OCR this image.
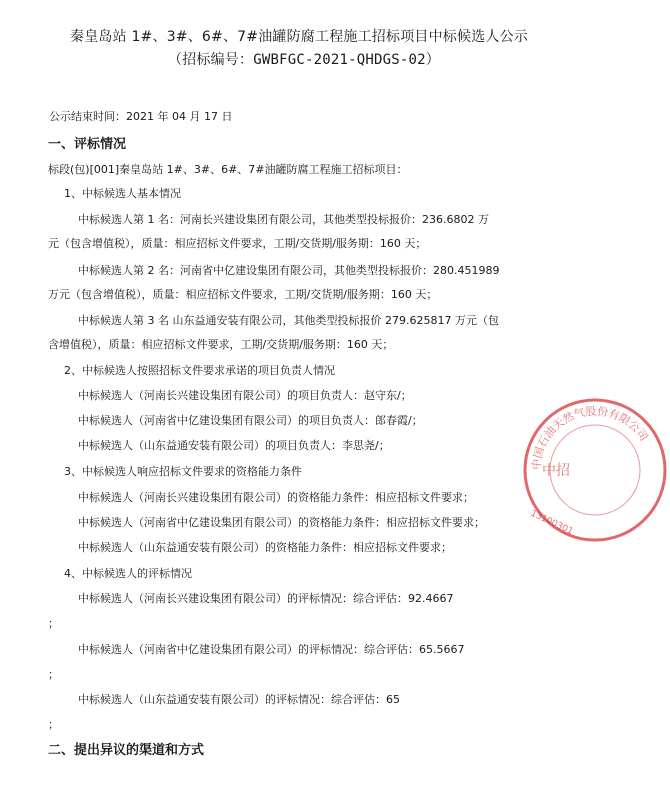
秦皇岛站 1#、3#、6#、7#油罐防腐工程施工招标项目中标候选人公示
（招标编号：GWBFGC-2021-QHDGS-02）
公示结束时间：2021 年 04 月 17 日
一、评标情况
标段(包)[001]秦皇岛站 1#、3#、6#、7#油罐防腐工程施工招标项目：
1、中标候选人基本情况
中标候选人第 1 名：河南长兴建设集团有限公司，其他类型投标报价：236.6802 万
元（包含增值税），质量：相应招标文件要求，工期/交货期/服务期：160 天；
中标候选人第 2 名：河南省中亿建设集团有限公司，其他类型投标报价：280.451989
万元（包含增值税），质量：相应招标文件要求，工期/交货期/服务期：160 天；
中标候选人第 3 名 山东益通安装有限公司，其他类型投标报价 279.625817 万元（包
含增值税），质量：相应招标文件要求，工期/交货期/服务期：160 天；
2、中标候选人按照招标文件要求承诺的项目负责人情况
中标候选人（河南长兴建设集团有限公司）的项目负责人：赵守东/；
中标候选人（河南省中亿建设集团有限公司）的项目负责人：郎春霞/；
中标候选人（山东益通安装有限公司）的项目负责人：李思尧/；
3、中标候选人响应招标文件要求的资格能力条件
中标候选人（河南长兴建设集团有限公司）的资格能力条件：相应招标文件要求；
中标候选人（河南省中亿建设集团有限公司）的资格能力条件：相应招标文件要求；
中标候选人（山东益通安装有限公司）的资格能力条件：相应招标文件要求；
4、中标候选人的评标情况
中标候选人（河南长兴建设集团有限公司）的评标情况：综合评估：92.4667
；
中标候选人（河南省中亿建设集团有限公司）的评标情况：综合评估：65.5667
；
中标候选人（山东益通安装有限公司）的评标情况：综合评估：65
；
二、提出异议的渠道和方式
中国石油天然气股份有限公司
中招
13100301
